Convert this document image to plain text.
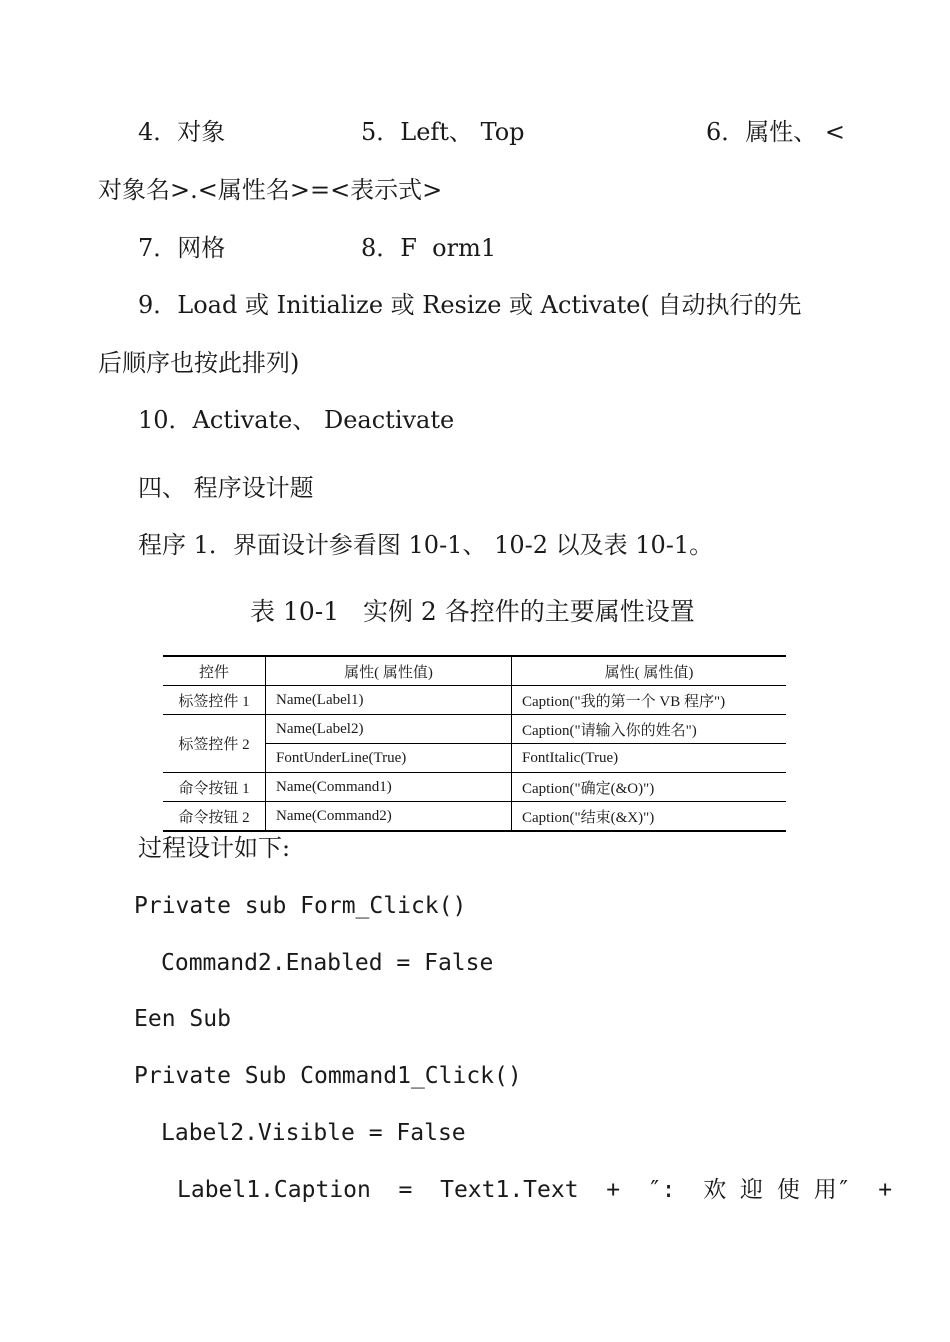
4．对象	5．Left、 Top	6．属性、 <
对象名>.<属性名>=<表示式>
7．网格	8．F  orm1
9．Load 或 Initialize 或 Resize 或 Activate( 自动执行的先
后顺序也按此排列)
10．Activate、 Deactivate
四、 程序设计题
程序 1．界面设计参看图 10-1、 10-2 以及表 10-1。
表 10-1   实例 2 各控件的主要属性设置
控件	属性( 属性值)	属性( 属性值)
标签控件 1	Name(Label1)	Caption("我的第一个 VB 程序")
标签控件 2	Name(Label2)	Caption("请输入你的姓名")
	FontUnderLine(True)	FontItalic(True)
命令按钮 1	Name(Command1)	Caption("确定(&O)")
命令按钮 2	Name(Command2)	Caption("结束(&X)")
过程设计如下:
Private sub Form_Click()
Command2.Enabled = False
Een Sub
Private Sub Command1_Click()
Label2.Visible = False
Label1.Caption  =  Text1.Text  +  ″:  欢 迎 使 用″  +
